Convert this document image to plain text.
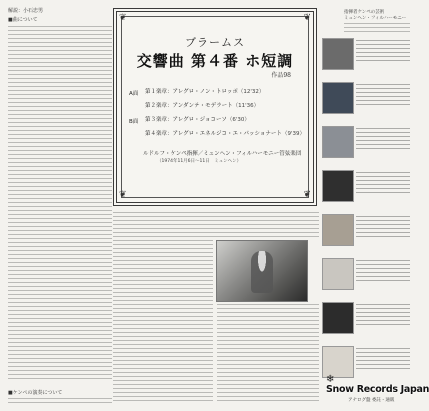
解説：小石忠男
■曲について
■ケンペの演奏について
❦	❦
❦	❦
ブラームス
交響曲 第４番 ホ短調
作品98
A面 第１楽章：アレグロ・ノン・トロッポ（12'32）
第２楽章：アンダンテ・モデラート（11'36）
B面 第３楽章：アレグロ・ジョコーソ（6'30）
第４楽章：アレグロ・エネルジコ・エ・パッショナート（9'39）
ルドルフ・ケンペ指揮／ミュンヘン・フィルハーモニー管弦楽団
（1974年11月6日〜11日　ミュンヘン）
指揮者ケンペの芸術
ミュンヘン・フィルハーモニー
❄
Snow Records Japan
アナログ盤 委託・通販
